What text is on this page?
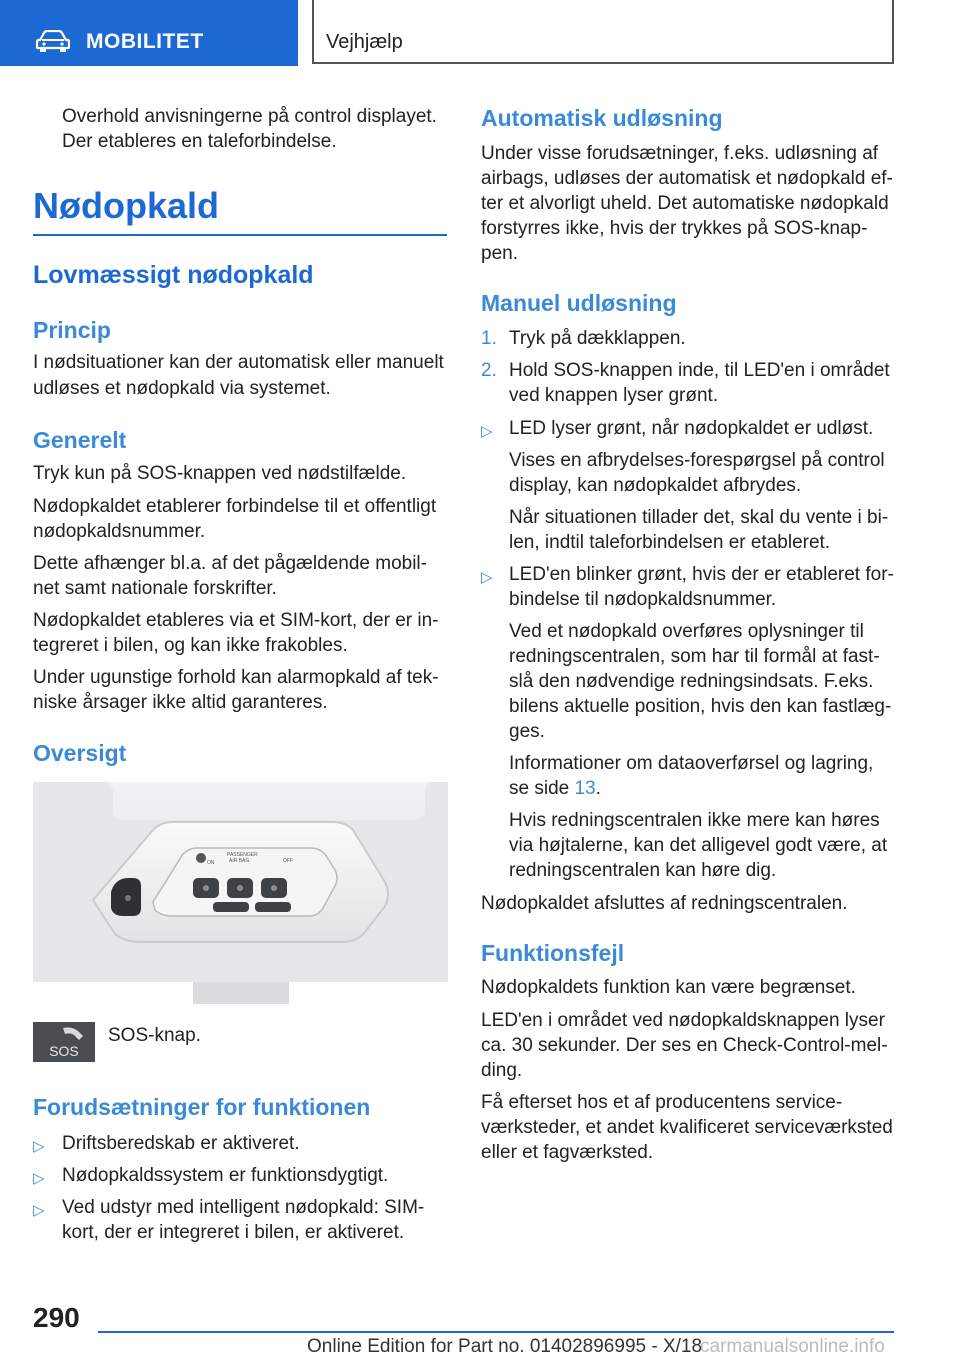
MOBILITET	Vejhjælp

Overhold anvisningerne på control displayet.

Der etableres en taleforbindelse.

Nødopkald
Lovmæssigt nødopkald
Princip

I nødsituationer kan der automatisk eller manuelt

udløses et nødopkald via systemet.

Generelt

Tryk kun på SOS-knappen ved nødstilfælde.

Nødopkaldet etablerer forbindelse til et offentligt

nødopkaldsnummer.

Dette afhænger bl.a. af det pågældende mobil-

net samt nationale forskrifter.

Nødopkaldet etableres via et SIM-kort, der er in-

tegreret i bilen, og kan ikke frakobles.

Under ugunstige forhold kan alarmopkald af tek-

niske årsager ikke altid garanteres.

Oversigt
PASSENGER
AIR BAG
ON	OFF
SOS

SOS-knap.

Forudsætninger for funktionen
▷ Driftsberedskab er aktiveret.

▷ Nødopkaldssystem er funktionsdygtigt.

▷ Ved udstyr med intelligent nødopkald: SIM-

kort, der er integreret i bilen, er aktiveret.

Automatisk udløsning

Under visse forudsætninger, f.eks. udløsning af

airbags, udløses der automatisk et nødopkald ef-

ter et alvorligt uheld. Det automatiske nødopkald

forstyrres ikke, hvis der trykkes på SOS-knap-

pen.

Manuel udløsning
1. Tryk på dækklappen.

2. Hold SOS-knappen inde, til LED'en i området

ved knappen lyser grønt.

▷ LED lyser grønt, når nødopkaldet er udløst.

Vises en afbrydelses-forespørgsel på control

display, kan nødopkaldet afbrydes.

Når situationen tillader det, skal du vente i bi-

len, indtil taleforbindelsen er etableret.

▷ LED'en blinker grønt, hvis der er etableret for-

bindelse til nødopkaldsnummer.

Ved et nødopkald overføres oplysninger til

redningscentralen, som har til formål at fast-

slå den nødvendige redningsindsats. F.eks.

bilens aktuelle position, hvis den kan fastlæg-

ges.

Informationer om dataoverførsel og lagring,

se side 13.

Hvis redningscentralen ikke mere kan høres

via højtalerne, kan det alligevel godt være, at

redningscentralen kan høre dig.

Nødopkaldet afsluttes af redningscentralen.

Funktionsfejl

Nødopkaldets funktion kan være begrænset.

LED'en i området ved nødopkaldsknappen lyser

ca. 30 sekunder. Der ses en Check-Control-mel-

ding.

Få efterset hos et af producentens service-

værksteder, et andet kvalificeret serviceværksted

eller et fagværksted.

290
Online Edition for Part no. 01402896995 - X/18
carmanualsonline.info
